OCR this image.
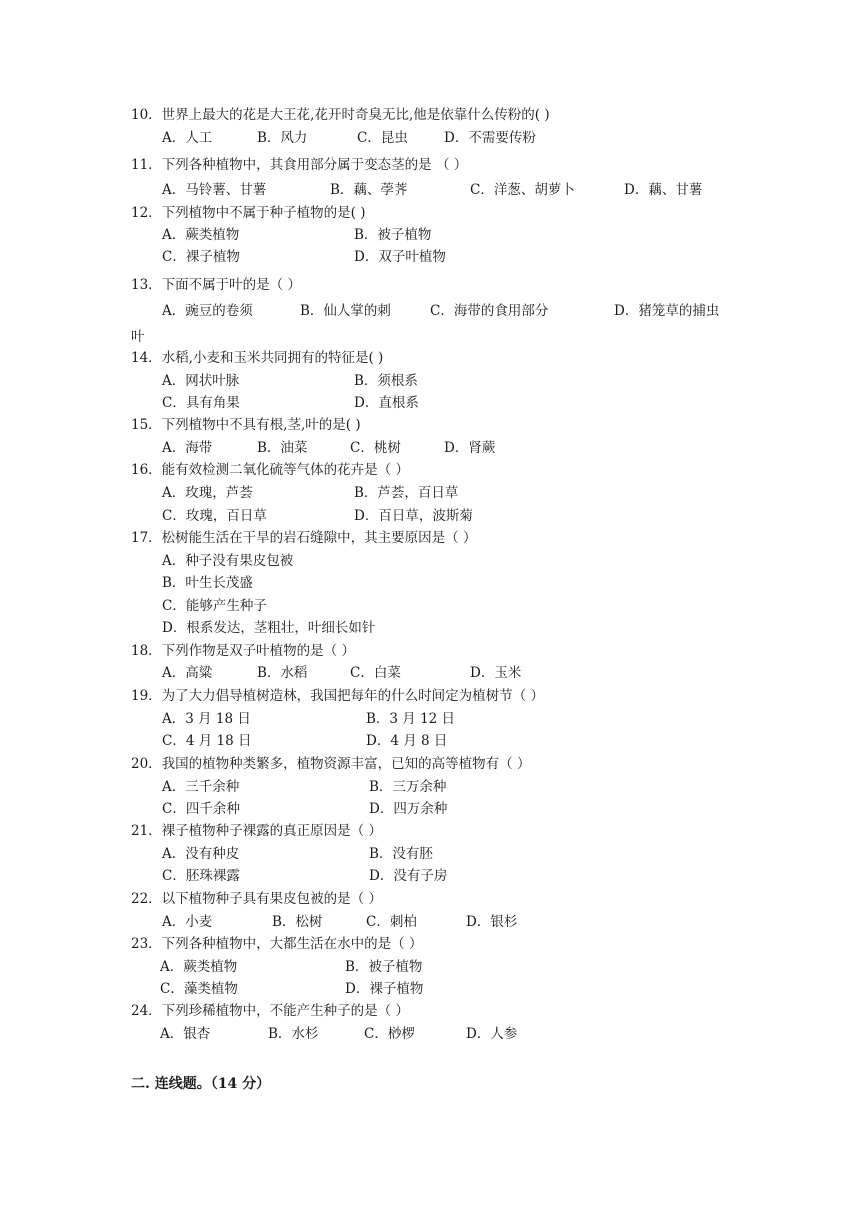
10．世界上最大的花是大王花,花开时奇臭无比,他是依靠什么传粉的( )
A．人工	B．风力	C．昆虫	D．不需要传粉
11．下列各种植物中，其食用部分属于变态茎的是 （ ）
A．马铃薯、甘薯	B．藕、荸荠	C．洋葱、胡萝卜	D．藕、甘薯
12．下列植物中不属于种子植物的是( )
A．蕨类植物	B．被子植物
C．裸子植物	D．双子叶植物
13．下面不属于叶的是（ ）
A．豌豆的卷须	B．仙人掌的刺	C．海带的食用部分	D．猪笼草的捕虫
叶
14．水稻,小麦和玉米共同拥有的特征是( )
A．网状叶脉	B．须根系
C．具有角果	D．直根系
15．下列植物中不具有根,茎,叶的是( )
A．海带	B．油菜	C．桃树	D．肾蕨
16．能有效检测二氧化硫等气体的花卉是（ ）
A．玫瑰，芦荟	B．芦荟，百日草
C．玫瑰，百日草	D．百日草，波斯菊
17．松树能生活在干旱的岩石缝隙中，其主要原因是（ ）
A．种子没有果皮包被
B．叶生长茂盛
C．能够产生种子
D．根系发达，茎粗壮，叶细长如针
18．下列作物是双子叶植物的是（ ）
A．高粱	B．水稻	C．白菜	D．玉米
19．为了大力倡导植树造林，我国把每年的什么时间定为植树节（ ）
A．3 月 18 日	B．3 月 12 日
C．4 月 18 日	D．4 月 8 日
20．我国的植物种类繁多，植物资源丰富，已知的高等植物有（ ）
A．三千余种	B．三万余种
C．四千余种	D．四万余种
21．裸子植物种子裸露的真正原因是（ ）
A．没有种皮	B．没有胚
C．胚珠裸露	D．没有子房
22．以下植物种子具有果皮包被的是（ ）
A．小麦	B．松树	C．刺柏	D．银杉
23．下列各种植物中，大都生活在水中的是（ ）
A．蕨类植物	B．被子植物
C．藻类植物	D．裸子植物
24．下列珍稀植物中，不能产生种子的是（ ）
A．银杏	B．水杉	C．桫椤	D．人参
二. 连线题。（14 分）
